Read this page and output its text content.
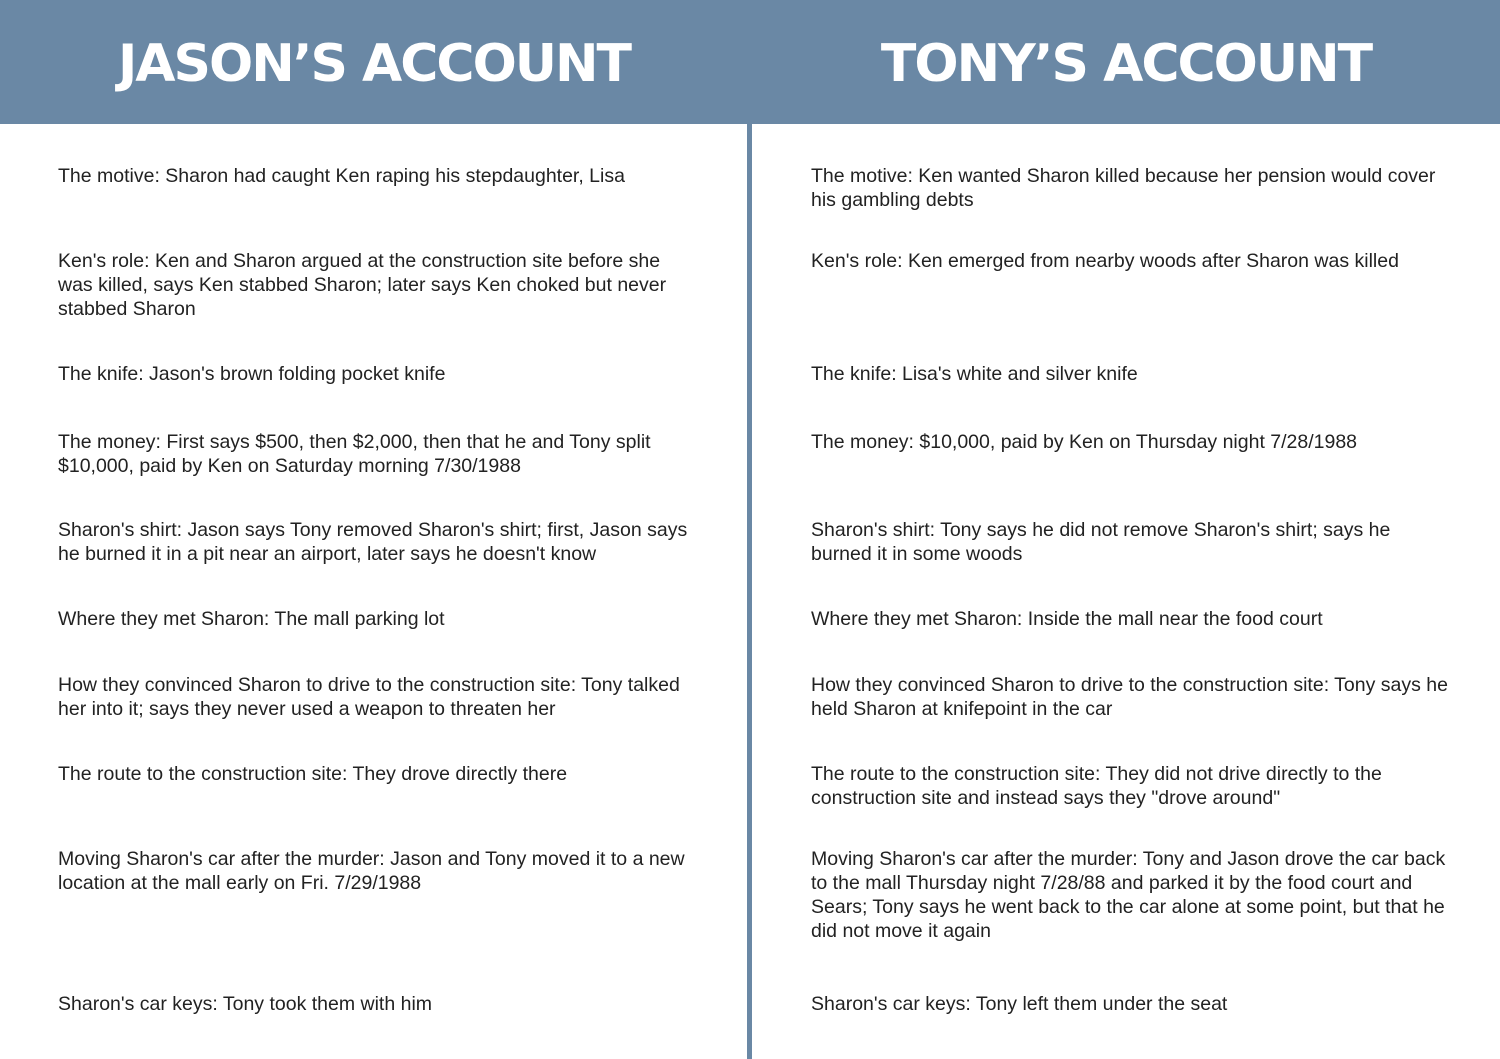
JASON’S ACCOUNT	TONY’S ACCOUNT

The motive: Sharon had caught Ken raping his stepdaughter, Lisa

Ken's role: Ken and Sharon argued at the construction site before she was killed, says Ken stabbed Sharon; later says Ken choked but never stabbed Sharon

The knife: Jason's brown folding pocket knife

The money: First says $500, then $2,000, then that he and Tony split $10,000, paid by Ken on Saturday morning 7/30/1988

Sharon's shirt: Jason says Tony removed Sharon's shirt; first, Jason says he burned it in a pit near an airport, later says he doesn't know

Where they met Sharon: The mall parking lot

How they convinced Sharon to drive to the construction site: Tony talked her into it; says they never used a weapon to threaten her

The route to the construction site: They drove directly there

Moving Sharon's car after the murder: Jason and Tony moved it to a new location at the mall early on Fri. 7/29/1988

Sharon's car keys: Tony took them with him

The motive: Ken wanted Sharon killed because her pension would cover his gambling debts

Ken's role: Ken emerged from nearby woods after Sharon was killed

The knife: Lisa's white and silver knife

The money: $10,000, paid by Ken on Thursday night 7/28/1988

Sharon's shirt: Tony says he did not remove Sharon's shirt; says he burned it in some woods

Where they met Sharon: Inside the mall near the food court

How they convinced Sharon to drive to the construction site: Tony says he held Sharon at knifepoint in the car

The route to the construction site: They did not drive directly to the construction site and instead says they "drove around"

Moving Sharon's car after the murder: Tony and Jason drove the car back to the mall Thursday night 7/28/88 and parked it by the food court and Sears; Tony says he went back to the car alone at some point, but that he did not move it again

Sharon's car keys: Tony left them under the seat
